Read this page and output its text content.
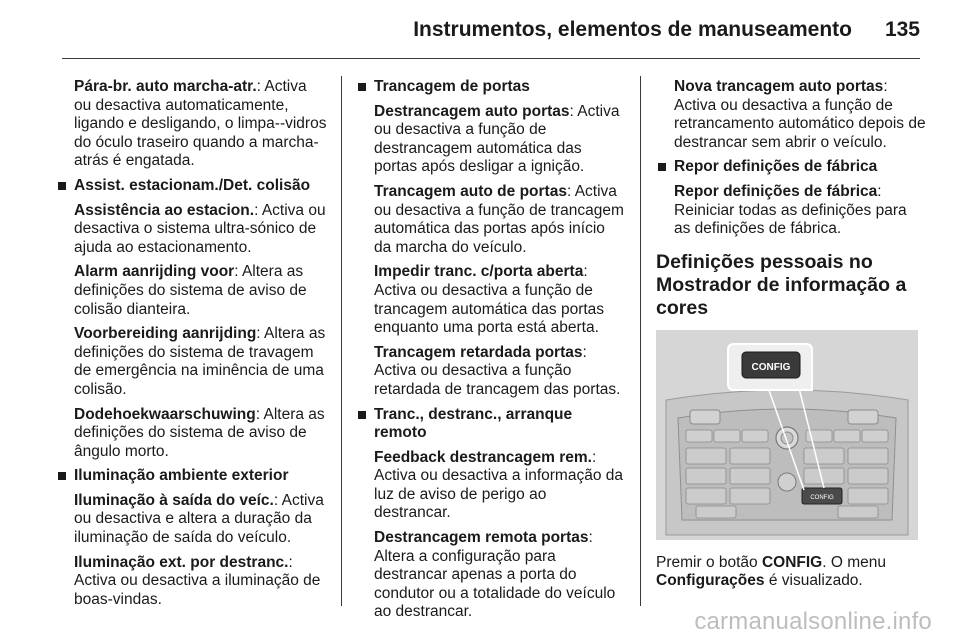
Instrumentos, elementos de manuseamento 135
Pára-br. auto marcha-atr.: Activa ou desactiva automaticamente, ligando e desligando, o limpa--vidros do óculo traseiro quando a marcha-atrás é engatada.
Assist. estacionam./Det. colisão
Assistência ao estacion.: Activa ou desactiva o sistema ultra-sónico de ajuda ao estacionamento.
Alarm aanrijding voor: Altera as definições do sistema de aviso de colisão dianteira.
Voorbereiding aanrijding: Altera as definições do sistema de travagem de emergência na iminência de uma colisão.
Dodehoekwaarschuwing: Altera as definições do sistema de aviso de ângulo morto.
Iluminação ambiente exterior
Iluminação à saída do veíc.: Activa ou desactiva e altera a duração da iluminação de saída do veículo.
Iluminação ext. por destranc.: Activa ou desactiva a iluminação de boas-vindas.
Trancagem de portas
Destrancagem auto portas: Activa ou desactiva a função de destrancagem automática das portas após desligar a ignição.
Trancagem auto de portas: Activa ou desactiva a função de trancagem automática das portas após início da marcha do veículo.
Impedir tranc. c/porta aberta: Activa ou desactiva a função de trancagem automática das portas enquanto uma porta está aberta.
Trancagem retardada portas: Activa ou desactiva a função retardada de trancagem das portas.
Tranc., destranc., arranque remoto
Feedback destrancagem rem.: Activa ou desactiva a informação da luz de aviso de perigo ao destrancar.
Destrancagem remota portas: Altera a configuração para destrancar apenas a porta do condutor ou a totalidade do veículo ao destrancar.
Nova trancagem auto portas: Activa ou desactiva a função de retrancamento automático depois de destrancar sem abrir o veículo.
Repor definições de fábrica
Repor definições de fábrica: Reiniciar todas as definições para as definições de fábrica.
Definições pessoais no Mostrador de informação a cores
CONFIG
CONFIG

Premir o botão CONFIG. O menu Configurações é visualizado.

carmanualsonline.info
